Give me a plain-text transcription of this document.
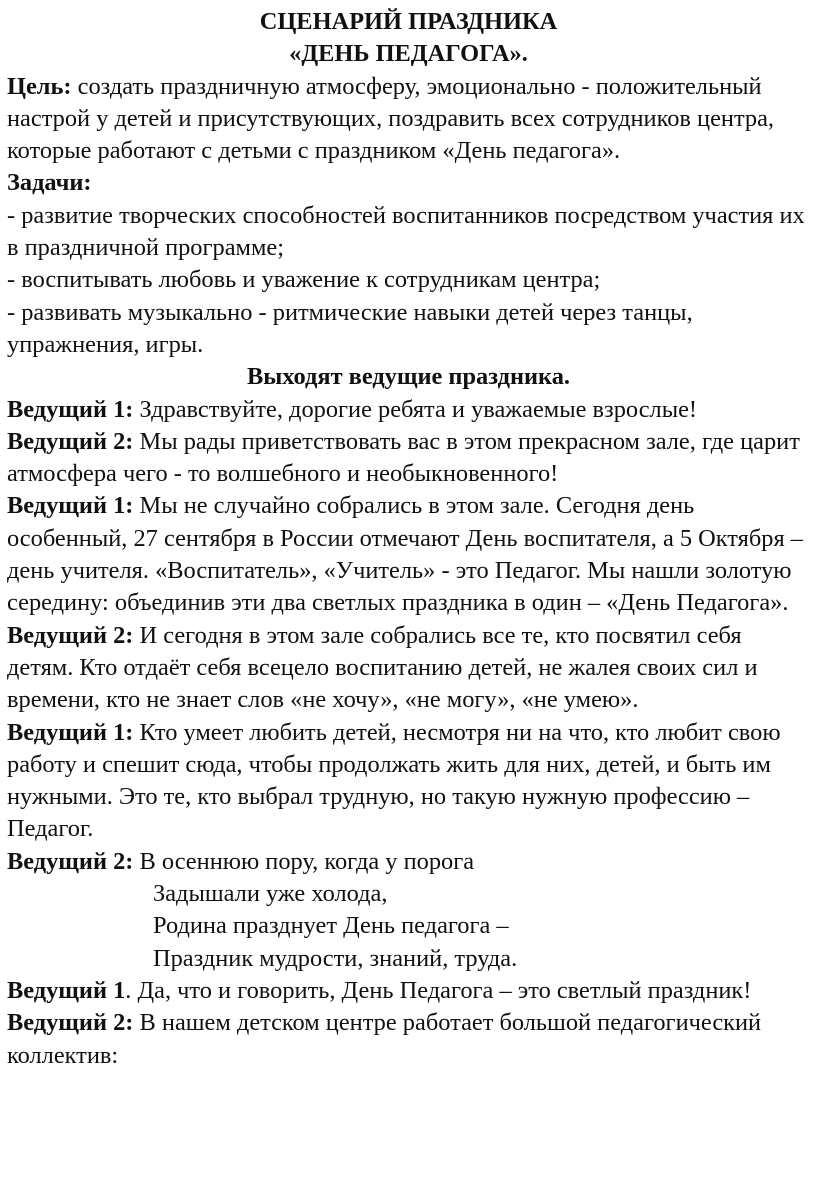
СЦЕНАРИЙ ПРАЗДНИКА

«ДЕНЬ ПЕДАГОГА».

Цель: создать праздничную атмосферу, эмоционально - положительный настрой у детей и присутствующих, поздравить всех сотрудников центра, которые работают с детьми с праздником «День педагога».

Задачи:

- развитие творческих способностей воспитанников посредством участия их в праздничной программе;

- воспитывать любовь и уважение к сотрудникам центра;

- развивать музыкально - ритмические навыки детей через танцы, упражнения, игры.

Выходят ведущие праздника.

Ведущий 1: Здравствуйте, дорогие ребята и уважаемые взрослые!

Ведущий 2: Мы рады приветствовать вас в этом прекрасном зале, где царит атмосфера чего - то волшебного и необыкновенного!

Ведущий 1: Мы не случайно собрались в этом зале. Сегодня день особенный, 27 сентября в России отмечают День воспитателя, а 5 Октября – день учителя. «Воспитатель», «Учитель» - это Педагог. Мы нашли золотую середину: объединив эти два светлых праздника в один – «День Педагога».

Ведущий 2: И сегодня в этом зале собрались все те, кто посвятил себя детям. Кто отдаёт себя всецело воспитанию детей, не жалея своих сил и времени, кто не знает слов «не хочу», «не могу», «не умею».

Ведущий 1: Кто умеет любить детей, несмотря ни на что, кто любит свою работу и спешит сюда, чтобы продолжать жить для них, детей, и быть им нужными. Это те, кто выбрал трудную, но такую нужную профессию – Педагог.

Ведущий 2: В осеннюю пору, когда у порога

Задышали уже холода,

Родина празднует День педагога –

Праздник мудрости, знаний, труда.

Ведущий 1. Да, что и говорить, День Педагога – это светлый праздник!

Ведущий 2: В нашем детском центре работает большой педагогический коллектив:
